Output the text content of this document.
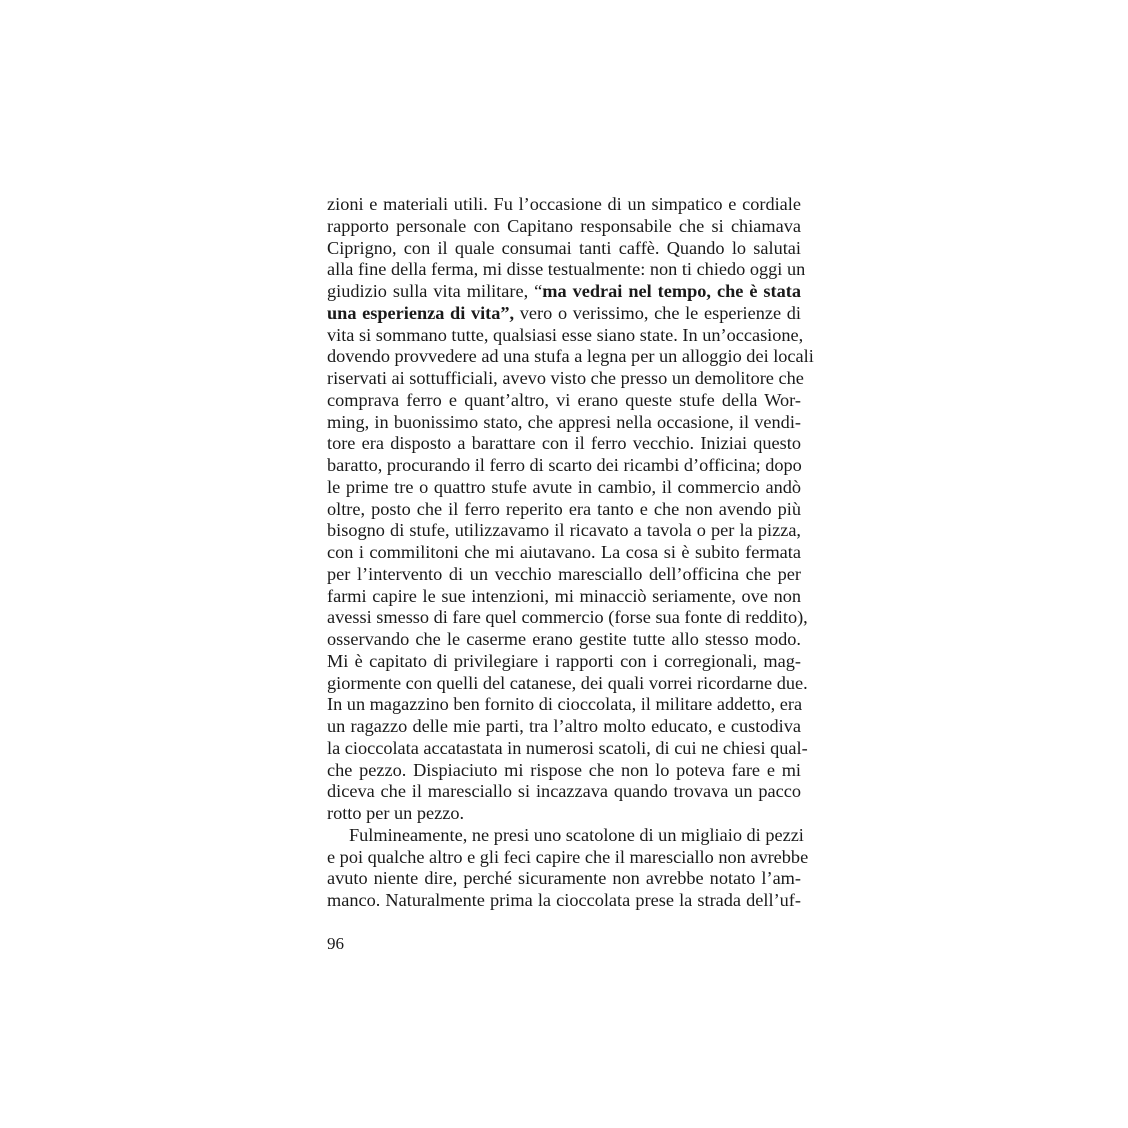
zioni e materiali utili. Fu l’occasione di un simpatico e cordiale
rapporto personale con Capitano responsabile che si chiamava
Ciprigno, con il quale consumai tanti caffè. Quando lo salutai
alla fine della ferma, mi disse testualmente: non ti chiedo oggi un
giudizio sulla vita militare, “ma vedrai nel tempo, che è stata
una esperienza di vita”, vero o verissimo, che le esperienze di
vita si sommano tutte, qualsiasi esse siano state. In un’occasione,
dovendo provvedere ad una stufa a legna per un alloggio dei locali
riservati ai sottufficiali, avevo visto che presso un demolitore che
comprava ferro e quant’altro, vi erano queste stufe della Wor-
ming, in buonissimo stato, che appresi nella occasione, il vendi-
tore era disposto a barattare con il ferro vecchio. Iniziai questo
baratto, procurando il ferro di scarto dei ricambi d’officina; dopo
le prime tre o quattro stufe avute in cambio, il commercio andò
oltre, posto che il ferro reperito era tanto e che non avendo più
bisogno di stufe, utilizzavamo il ricavato a tavola o per la pizza,
con i commilitoni che mi aiutavano. La cosa si è subito fermata
per l’intervento di un vecchio maresciallo dell’officina che per
farmi capire le sue intenzioni, mi minacciò seriamente, ove non
avessi smesso di fare quel commercio (forse sua fonte di reddito),
osservando che le caserme erano gestite tutte allo stesso modo.
Mi è capitato di privilegiare i rapporti con i corregionali, mag-
giormente con quelli del catanese, dei quali vorrei ricordarne due.
In un magazzino ben fornito di cioccolata, il militare addetto, era
un ragazzo delle mie parti, tra l’altro molto educato, e custodiva
la cioccolata accatastata in numerosi scatoli, di cui ne chiesi qual-
che pezzo. Dispiaciuto mi rispose che non lo poteva fare e mi
diceva che il maresciallo si incazzava quando trovava un pacco
rotto per un pezzo.
Fulmineamente, ne presi uno scatolone di un migliaio di pezzi
e poi qualche altro e gli feci capire che il maresciallo non avrebbe
avuto niente dire, perché sicuramente non avrebbe notato l’am-
manco. Naturalmente prima la cioccolata prese la strada dell’uf-
96
